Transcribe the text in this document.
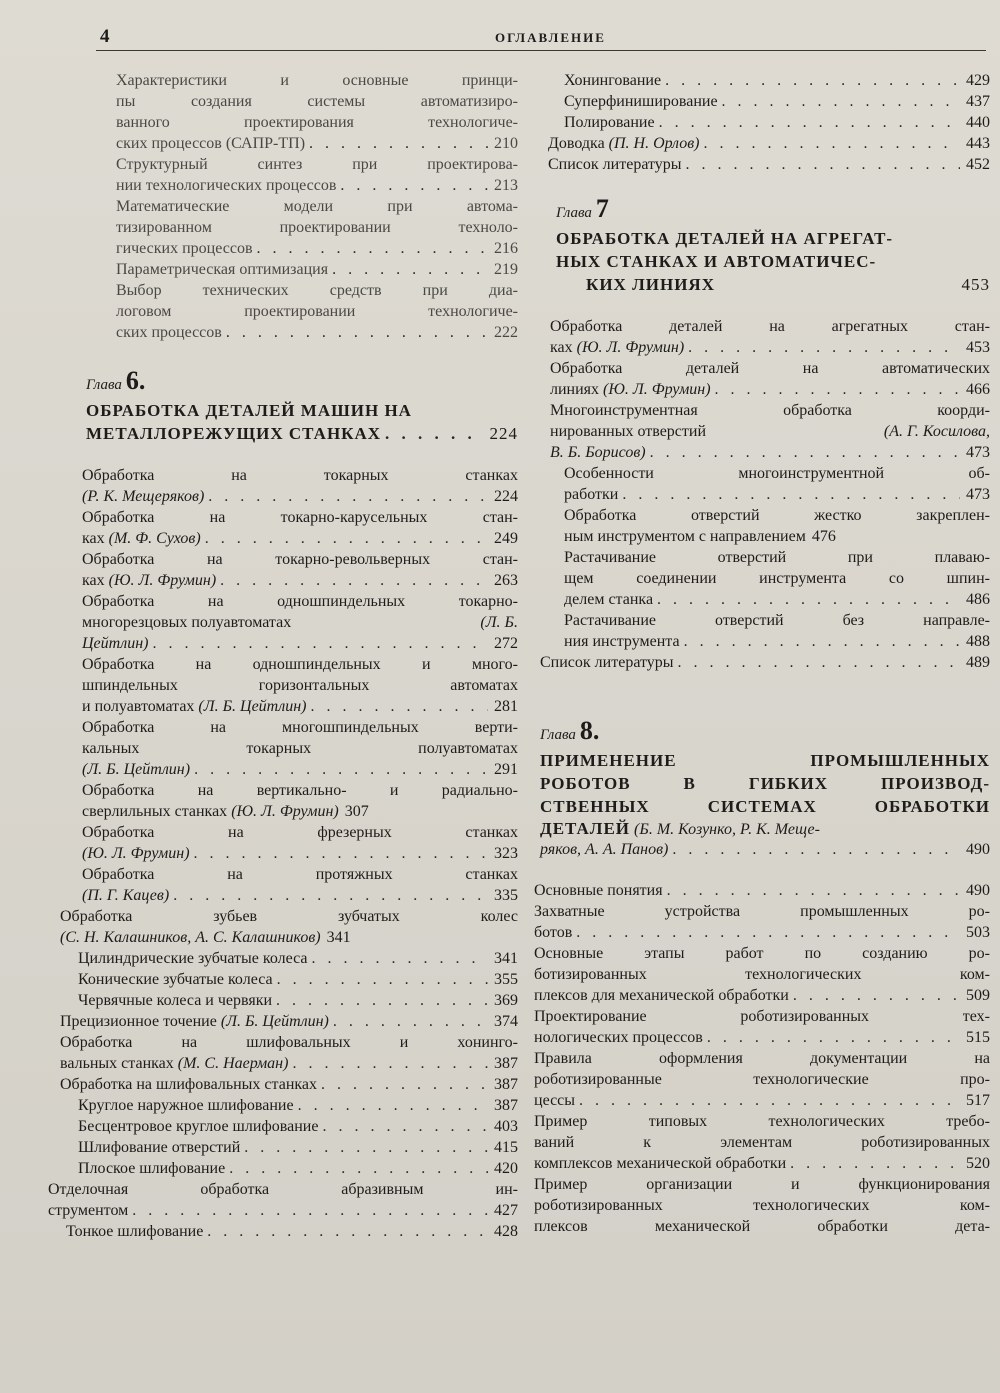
4	ОГЛАВЛЕНИЕ
Характеристики и основные принци-
пы создания системы автоматизиро-
ванного проектирования технологиче-
ских процессов (САПР-ТП) . . .	210
Структурный синтез при проектирова-
нии технологических процессов . . .	213
Математические модели при автома-
тизированном проектировании техноло-
гических процессов . . .	216
Параметрическая оптимизация . . .	219
Выбор технических средств при диа-
логовом проектировании технологиче-
ских процессов . . .	222
Глава 6.
ОБРАБОТКА ДЕТАЛЕЙ МАШИН НА
МЕТАЛЛОРЕЖУЩИХ СТАНКАХ . . .	224
Обработка на токарных станках
(Р. К. Мещеряков) . . .	224
Обработка на токарно-карусельных стан-
ках
(М. Ф. Сухов) . . .	249
Обработка на токарно-револьверных стан-
ках
(Ю. Л. Фрумин) . . .	263
Обработка на одношпиндельных токарно-
многорезцовых полуавтоматах	(Л. Б.
Цейтлин) . . .	272
Обработка на одношпиндельных и много-
шпиндельных горизонтальных автоматах
и полуавтоматах
(Л. Б. Цейтлин) . . .	281
Обработка на многошпиндельных верти-
кальных токарных полуавтоматах
(Л. Б. Цейтлин) . . .	291
Обработка на вертикально- и радиально-
сверлильных станках
(Ю. Л. Фрумин) 307
Обработка на фрезерных станках
(Ю. Л. Фрумин) . . .	323
Обработка на протяжных станках
(П. Г. Кацев) . . .	335
Обработка зубьев зубчатых колес
(С. Н. Калашников, А. С. Калашников) 341
Цилиндрические зубчатые колеса . . .	341
Конические зубчатые колеса . . .	355
Червячные колеса и червяки . . .	369
Прецизионное точение
(Л. Б. Цейтлин) . . .	374
Обработка на шлифовальных и хонинго-
вальных станках
(М. С. Наерман) . . .	387
Обработка на шлифовальных станках . . .	387
Круглое наружное шлифование . . .	387
Бесцентровое круглое шлифование . . .	403
Шлифование отверстий . . .	415
Плоское шлифование . . .	420
Отделочная обработка абразивным ин-
струментом . . .	427
Тонкое шлифование . . .	428
Хонингование . . .	429
Суперфиниширование . . .	437
Полирование . . .	440
Доводка
(П. Н. Орлов) . . .	443
Список литературы . . .	452
Глава 7
ОБРАБОТКА ДЕТАЛЕЙ НА АГРЕГАТ-
НЫХ СТАНКАХ И АВТОМАТИЧЕС-
КИХ ЛИНИЯХ	453
Обработка деталей на агрегатных стан-
ках
(Ю. Л. Фрумин) . . .	453
Обработка деталей на автоматических
линиях
(Ю. Л. Фрумин) . . .	466
Многоинструментная обработка коорди-
нированных отверстий	(А. Г. Косилова,
В. Б. Борисов) . . .	473
Особенности многоинструментной об-
работки . . .	473
Обработка отверстий жестко закреплен-
ным инструментом с направлением 476
Растачивание отверстий при плаваю-
щем соединении инструмента со шпин-
делем станка . . .	486
Растачивание отверстий без направле-
ния инструмента . . .	488
Список литературы . . .	489
Глава 8.
ПРИМЕНЕНИЕ ПРОМЫШЛЕННЫХ
РОБОТОВ В ГИБКИХ ПРОИЗВОД-
СТВЕННЫХ СИСТЕМАХ ОБРАБОТКИ
ДЕТАЛЕЙ
(Б. М. Козунко, Р. К. Меще-
ряков, А. А. Панов) . . .	490
Основные понятия . . .	490
Захватные устройства промышленных ро-
ботов . . .	503
Основные этапы работ по созданию ро-
ботизированных технологических ком-
плексов для механической обработки . . .	509
Проектирование роботизированных тех-
нологических процессов . . .	515
Правила оформления документации на
роботизированные технологические про-
цессы . . .	517
Пример типовых технологических требо-
ваний к элементам роботизированных
комплексов механической обработки . . .	520
Пример организации и функционирования
роботизированных технологических ком-
плексов механической обработки дета-
